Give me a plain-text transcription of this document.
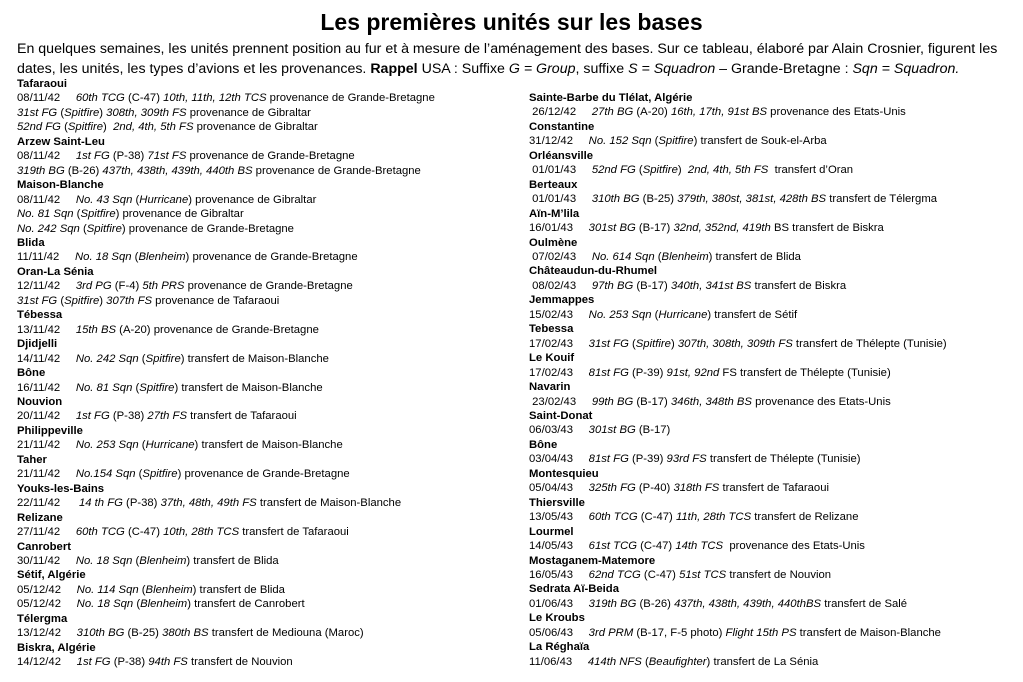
Les premières unités sur les bases

En quelques semaines, les unités prennent position au fur et à mesure de l’aménagement des bases. Sur ce tableau, élaboré par Alain Crosnier, figurent les dates, les unités, les types d’avions et les provenances. Rappel USA : Suffixe G = Group, suffixe S = Squadron – Grande-Bretagne : Sqn = Squadron.

Tafaraoui
08/11/42     60th TCG (C-47) 10th, 11th, 12th TCS provenance de Grande-Bretagne
31st FG (Spitfire) 308th, 309th FS provenance de Gibraltar
52nd FG (Spitfire)  2nd, 4th, 5th FS provenance de Gibraltar
Arzew Saint-Leu
08/11/42     1st FG (P-38) 71st FS provenance de Grande-Bretagne
319th BG (B-26) 437th, 438th, 439th, 440th BS provenance de Grande-Bretagne
Maison-Blanche
08/11/42     No. 43 Sqn (Hurricane) provenance de Gibraltar
No. 81 Sqn (Spitfire) provenance de Gibraltar
No. 242 Sqn (Spitfire) provenance de Grande-Bretagne
Blida
11/11/42     No. 18 Sqn (Blenheim) provenance de Grande-Bretagne
Oran-La Sénia
12/11/42     3rd PG (F-4) 5th PRS provenance de Grande-Bretagne
31st FG (Spitfire) 307th FS provenance de Tafaraoui
Tébessa
13/11/42     15th BS (A-20) provenance de Grande-Bretagne
Djidjelli
14/11/42     No. 242 Sqn (Spitfire) transfert de Maison-Blanche
Bône
16/11/42     No. 81 Sqn (Spitfire) transfert de Maison-Blanche
Nouvion
20/11/42     1st FG (P-38) 27th FS transfert de Tafaraoui
Philippeville
21/11/42     No. 253 Sqn (Hurricane) transfert de Maison-Blanche
Taher
21/11/42     No.154 Sqn (Spitfire) provenance de Grande-Bretagne
Youks-les-Bains
22/11/42      14 th FG (P-38) 37th, 48th, 49th FS transfert de Maison-Blanche
Relizane
27/11/42     60th TCG (C-47) 10th, 28th TCS transfert de Tafaraoui
Canrobert
30/11/42     No. 18 Sqn (Blenheim) transfert de Blida
Sétif, Algérie
05/12/42     No. 114 Sqn (Blenheim) transfert de Blida
05/12/42     No. 18 Sqn (Blenheim) transfert de Canrobert
Télergma
13/12/42     310th BG (B-25) 380th BS transfert de Mediouna (Maroc)
Biskra, Algérie
14/12/42     1st FG (P-38) 94th FS transfert de Nouvion
Sainte-Barbe du Tlélat, Algérie
26/12/42     27th BG (A-20) 16th, 17th, 91st BS provenance des Etats-Unis
Constantine
31/12/42     No. 152 Sqn (Spitfire) transfert de Souk-el-Arba
Orléansville
01/01/43     52nd FG (Spitfire)  2nd, 4th, 5th FS  transfert d’Oran
Berteaux
01/01/43     310th BG (B-25) 379th, 380st, 381st, 428th BS transfert de Télergma
Aïn-M’lila
16/01/43     301st BG (B-17) 32nd, 352nd, 419th BS transfert de Biskra
Oulmène
07/02/43     No. 614 Sqn (Blenheim) transfert de Blida
Châteaudun-du-Rhumel
08/02/43     97th BG (B-17) 340th, 341st BS transfert de Biskra
Jemmappes
15/02/43     No. 253 Sqn (Hurricane) transfert de Sétif
Tebessa
17/02/43     31st FG (Spitfire) 307th, 308th, 309th FS transfert de Thélepte (Tunisie)
Le Kouif
17/02/43     81st FG (P-39) 91st, 92nd FS transfert de Thélepte (Tunisie)
Navarin
23/02/43     99th BG (B-17) 346th, 348th BS provenance des Etats-Unis
Saint-Donat
06/03/43     301st BG (B-17)
Bône
03/04/43     81st FG (P-39) 93rd FS transfert de Thélepte (Tunisie)
Montesquieu
05/04/43     325th FG (P-40) 318th FS transfert de Tafaraoui
Thiersville
13/05/43     60th TCG (C-47) 11th, 28th TCS transfert de Relizane
Lourmel
14/05/43     61st TCG (C-47) 14th TCS  provenance des Etats-Unis
Mostaganem-Matemore
16/05/43     62nd TCG (C-47) 51st TCS transfert de Nouvion
Sedrata Aï-Beida
01/06/43     319th BG (B-26) 437th, 438th, 439th, 440thBS transfert de Salé
Le Kroubs
05/06/43     3rd PRM (B-17, F-5 photo) Flight 15th PS transfert de Maison-Blanche
La Réghaïa
11/06/43     414th NFS (Beaufighter) transfert de La Sénia
